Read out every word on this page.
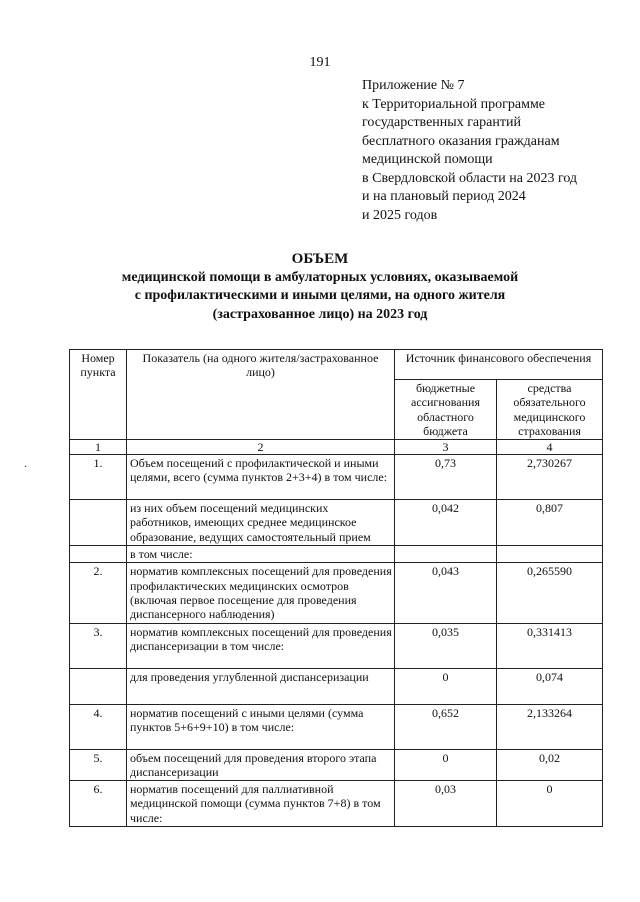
191
Приложение № 7
к Территориальной программе
государственных гарантий
бесплатного оказания гражданам
медицинской помощи
в Свердловской области на 2023 год
и на плановый период 2024
и 2025 годов
ОБЪЕМ
медицинской помощи в амбулаторных условиях, оказываемой
с профилактическими и иными целями, на одного жителя
(застрахованное лицо) на 2023 год
·
Номер пункта	Показатель (на одного жителя/застрахованное лицо)	Источник финансового обеспечения	
		бюджетные ассигнования областного бюджета	средства обязательного медицинского страхования
1	2	3	4
1.	Объем посещений с профилактической и иными целями, всего (сумма пунктов 2+3+4) в том числе:	0,73	2,730267
	из них объем посещений медицинских работников, имеющих среднее медицинское образование, ведущих самостоятельный прием	0,042	0,807
	в том числе:		
2.	норматив комплексных посещений для проведения профилактических медицинских осмотров (включая первое посещение для проведения диспансерного наблюдения)	0,043	0,265590
3.	норматив комплексных посещений для проведения диспансеризации в том числе:	0,035	0,331413
	для проведения углубленной диспансеризации	0	0,074
4.	норматив посещений с иными целями (сумма пунктов 5+6+9+10) в том числе:	0,652	2,133264
5.	объем посещений для проведения второго этапа диспансеризации	0	0,02
6.	норматив посещений для паллиативной медицинской помощи (сумма пунктов 7+8) в том числе:	0,03	0
